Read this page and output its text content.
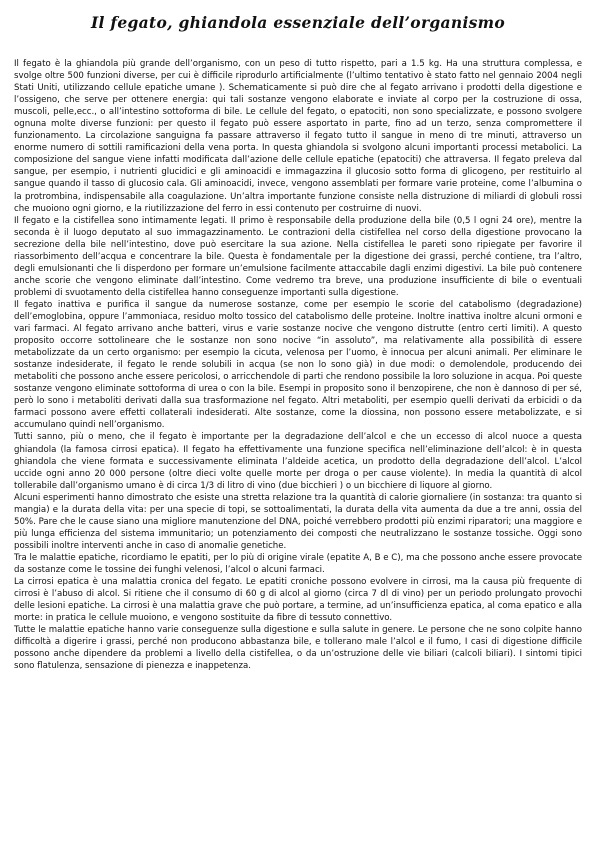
Il fegato, ghiandola essenziale dell’organismo

Il fegato è la ghiandola più grande dell’organismo, con un peso di tutto rispetto, pari a 1.5 kg. Ha una struttura complessa, e svolge oltre 500 funzioni diverse, per cui è difficile riprodurlo artificialmente (l’ultimo tentativo è stato fatto nel gennaio 2004 negli Stati Uniti, utilizzando cellule epatiche umane ). Schematicamente si può dire che al fegato arrivano i prodotti della digestione e l’ossigeno, che serve per ottenere energia: qui tali sostanze vengono elaborate e inviate al corpo per la costruzione di ossa, muscoli, pelle,ecc., o all’intestino sottoforma di bile. Le cellule del fegato, o epatociti, non sono specializzate, e possono svolgere ognuna molte diverse funzioni: per questo il fegato può essere asportato in parte, fino ad un terzo, senza compromettere il funzionamento. La circolazione sanguigna fa passare attraverso il fegato tutto il sangue in meno di tre minuti, attraverso un enorme numero di sottili ramificazioni della vena porta. In questa ghiandola si svolgono alcuni importanti processi metabolici. La composizione del sangue viene infatti modificata dall’azione delle cellule epatiche (epatociti) che attraversa. Il fegato preleva dal sangue, per esempio, i nutrienti glucidici e gli aminoacidi e immagazzina il glucosio sotto forma di glicogeno, per restituirlo al sangue quando il tasso di glucosio cala. Gli aminoacidi, invece, vengono assemblati per formare varie proteine, come l’albumina o la protrombina, indispensabile alla coagulazione. Un’altra importante funzione consiste nella distruzione di miliardi di globuli rossi che muoiono ogni giorno, e la riutilizzazione del ferro in essi contenuto per costruirne di nuovi.

Il fegato e la cistifellea sono intimamente legati. Il primo è responsabile della produzione della bile (0,5 l ogni 24 ore), mentre la seconda è il luogo deputato al suo immagazzinamento. Le contrazioni della cistifellea nel corso della digestione provocano la secrezione della bile nell’intestino, dove può esercitare la sua azione. Nella cistifellea le pareti sono ripiegate per favorire il riassorbimento dell’acqua e concentrare la bile. Questa è fondamentale per la digestione dei grassi, perché contiene, tra l’altro, degli emulsionanti che li disperdono per formare un’emulsione facilmente attaccabile dagli enzimi digestivi. La bile può contenere anche scorie che vengono eliminate dall’intestino. Come vedremo tra breve, una produzione insufficiente di bile o eventuali problemi di svuotamento della cistifellea hanno conseguenze importanti sulla digestione.

Il fegato inattiva e purifica il sangue da numerose sostanze, come per esempio le scorie del catabolismo (degradazione) dell’emoglobina, oppure l’ammoniaca, residuo molto tossico del catabolismo delle proteine. Inoltre inattiva inoltre alcuni ormoni e vari farmaci. Al fegato arrivano anche batteri, virus e varie sostanze nocive che vengono distrutte (entro certi limiti). A questo proposito occorre sottolineare che le sostanze non sono nocive “in assoluto”, ma relativamente alla possibilità di essere metabolizzate da un certo organismo: per esempio la cicuta, velenosa per l’uomo, è innocua per alcuni animali. Per eliminare le sostanze indesiderate, il fegato le rende solubili in acqua (se non lo sono già) in due modi: o demolendole, producendo dei metaboliti che possono anche essere pericolosi, o arricchendole di parti che rendono possibile la loro soluzione in acqua. Poi queste sostanze vengono eliminate sottoforma di urea o con la bile. Esempi in proposito sono il benzopirene, che non è dannoso di per sé, però lo sono i metaboliti derivati dalla sua trasformazione nel fegato. Altri metaboliti, per esempio quelli derivati da erbicidi o da farmaci possono avere effetti collaterali indesiderati. Alte sostanze, come la diossina, non possono essere metabolizzate, e si accumulano quindi nell’organismo.

Tutti sanno, più o meno, che il fegato è importante per la degradazione dell’alcol e che un eccesso di alcol nuoce a questa ghiandola (la famosa cirrosi epatica). Il fegato ha effettivamente una funzione specifica nell’eliminazione dell’alcol: è in questa ghiandola che viene formata e successivamente eliminata l’aldeide acetica, un prodotto della degradazione dell’alcol. L’alcol uccide ogni anno 20 000 persone (oltre dieci volte quelle morte per droga o per cause violente). In media la quantità di alcol tollerabile dall’organismo umano è di circa 1/3 di litro di vino (due bicchieri ) o un bicchiere di liquore al giorno.

Alcuni esperimenti hanno dimostrato che esiste una stretta relazione tra la quantità di calorie giornaliere (in sostanza: tra quanto si mangia) e la durata della vita: per una specie di topi, se sottoalimentati, la durata della vita aumenta da due a tre anni, ossia del 50%. Pare che le cause siano una migliore manutenzione del DNA, poiché verrebbero prodotti più enzimi riparatori; una maggiore e più lunga efficienza del sistema immunitario; un potenziamento dei composti che neutralizzano le sostanze tossiche. Oggi sono possibili inoltre interventi anche in caso di anomalie genetiche.

Tra le malattie epatiche, ricordiamo le epatiti, per lo più di origine virale (epatite A, B e C), ma che possono anche essere provocate da sostanze come le tossine dei funghi velenosi, l’alcol o alcuni farmaci.

La cirrosi epatica è una malattia cronica del fegato. Le epatiti croniche possono evolvere in cirrosi, ma la causa più frequente di cirrosi è l’abuso di alcol. Si ritiene che il consumo di 60 g di alcol al giorno (circa 7 dl di vino) per un periodo prolungato provochi delle lesioni epatiche. La cirrosi è una malattia grave che può portare, a termine, ad un’insufficienza epatica, al coma epatico e alla morte: in pratica le cellule muoiono, e vengono sostituite da fibre di tessuto connettivo.

Tutte le malattie epatiche hanno varie conseguenze sulla digestione e sulla salute in genere. Le persone che ne sono colpite hanno difficoltà a digerire i grassi, perché non producono abbastanza bile, e tollerano male l’alcol e il fumo, I casi di digestione difficile possono anche dipendere da problemi a livello della cistifellea, o da un’ostruzione delle vie biliari (calcoli biliari). I sintomi tipici sono flatulenza, sensazione di pienezza e inappetenza.
